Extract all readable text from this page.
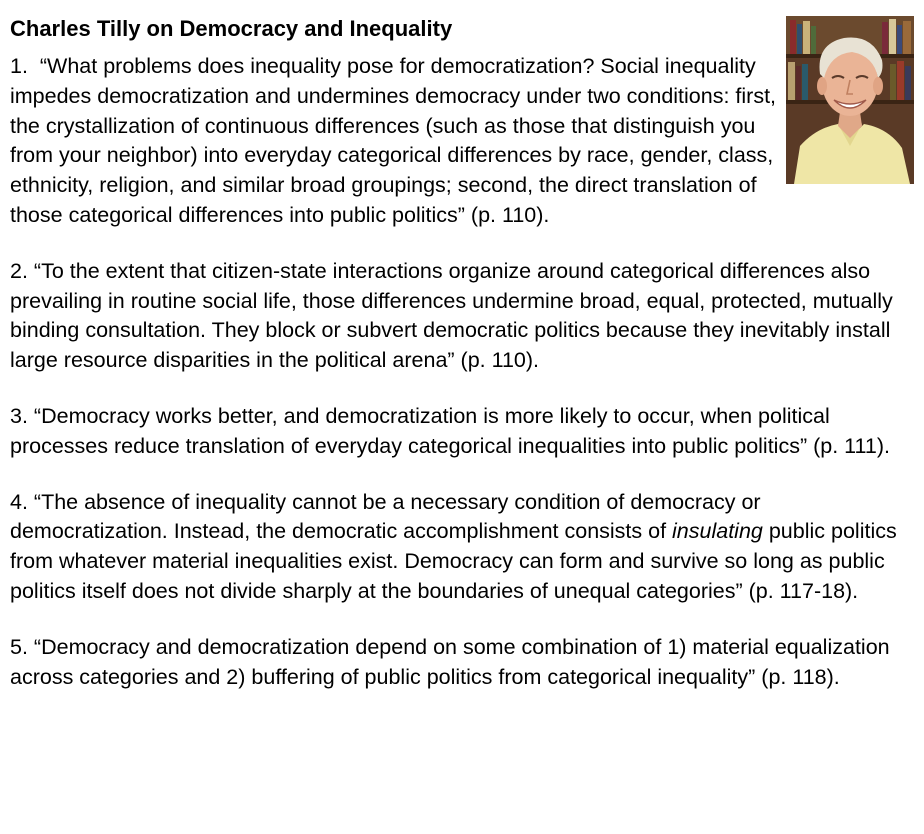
Charles Tilly on Democracy and Inequality

1. “What problems does inequality pose for democratization? Social inequality impedes democratization and undermines democracy under two conditions: first, the crystallization of continuous differences (such as those that distinguish you from your neighbor) into everyday categorical differences by race, gender, class, ethnicity, religion, and similar broad groupings; second, the direct translation of those categorical differences into public politics” (p. 110).

2. “To the extent that citizen-state interactions organize around categorical differences also prevailing in routine social life, those differences undermine broad, equal, protected, mutually binding consultation. They block or subvert democratic politics because they inevitably install large resource disparities in the political arena” (p. 110).

3. “Democracy works better, and democratization is more likely to occur, when political processes reduce translation of everyday categorical inequalities into public politics” (p. 111).

4. “The absence of inequality cannot be a necessary condition of democracy or democratization. Instead, the democratic accomplishment consists of insulating public politics from whatever material inequalities exist. Democracy can form and survive so long as public politics itself does not divide sharply at the boundaries of unequal categories” (p. 117-18).

5. “Democracy and democratization depend on some combination of 1) material equalization across categories and 2) buffering of public politics from categorical inequality” (p. 118).
